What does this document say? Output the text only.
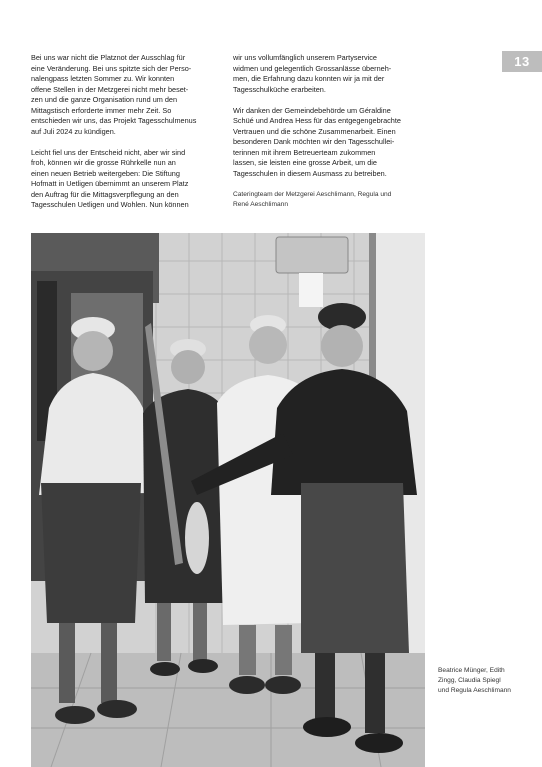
13

Bei uns war nicht die Platznot der Ausschlag für
eine Veränderung. Bei uns spitzte sich der Perso-
nalengpass letzten Sommer zu. Wir konnten
offene Stellen in der Metzgerei nicht mehr beset-
zen und die ganze Organisation rund um den
Mittagstisch erforderte immer mehr Zeit. So
entschieden wir uns, das Projekt Tagesschulmenus
auf Juli 2024 zu kündigen.

Leicht fiel uns der Entscheid nicht, aber wir sind
froh, können wir die grosse Rührkelle nun an
einen neuen Betrieb weitergeben: Die Stiftung
Hofmatt in Uetligen übernimmt an unserem Platz
den Auftrag für die Mittagsverpflegung an den
Tagesschulen Uetligen und Wohlen. Nun können

wir uns vollumfänglich unserem Partyservice
widmen und gelegentlich Grossanlässe überneh-
men, die Erfahrung dazu konnten wir ja mit der
Tagesschulküche erarbeiten.

Wir danken der Gemeindebehörde um Géraldine
Schüé und Andrea Hess für das entgegengebrachte
Vertrauen und die schöne Zusammenarbeit. Einen
besonderen Dank möchten wir den Tagesschullei-
terinnen mit ihrem Betreuerteam zukommen
lassen, sie leisten eine grosse Arbeit, um die
Tagesschulen in diesem Ausmass zu betreiben.

Cateringteam der Metzgerei Aeschlimann, Regula und
René Aeschlimann
Beatrice Münger, Edith
Zingg, Claudia Spiegl
und Regula Aeschlimann
